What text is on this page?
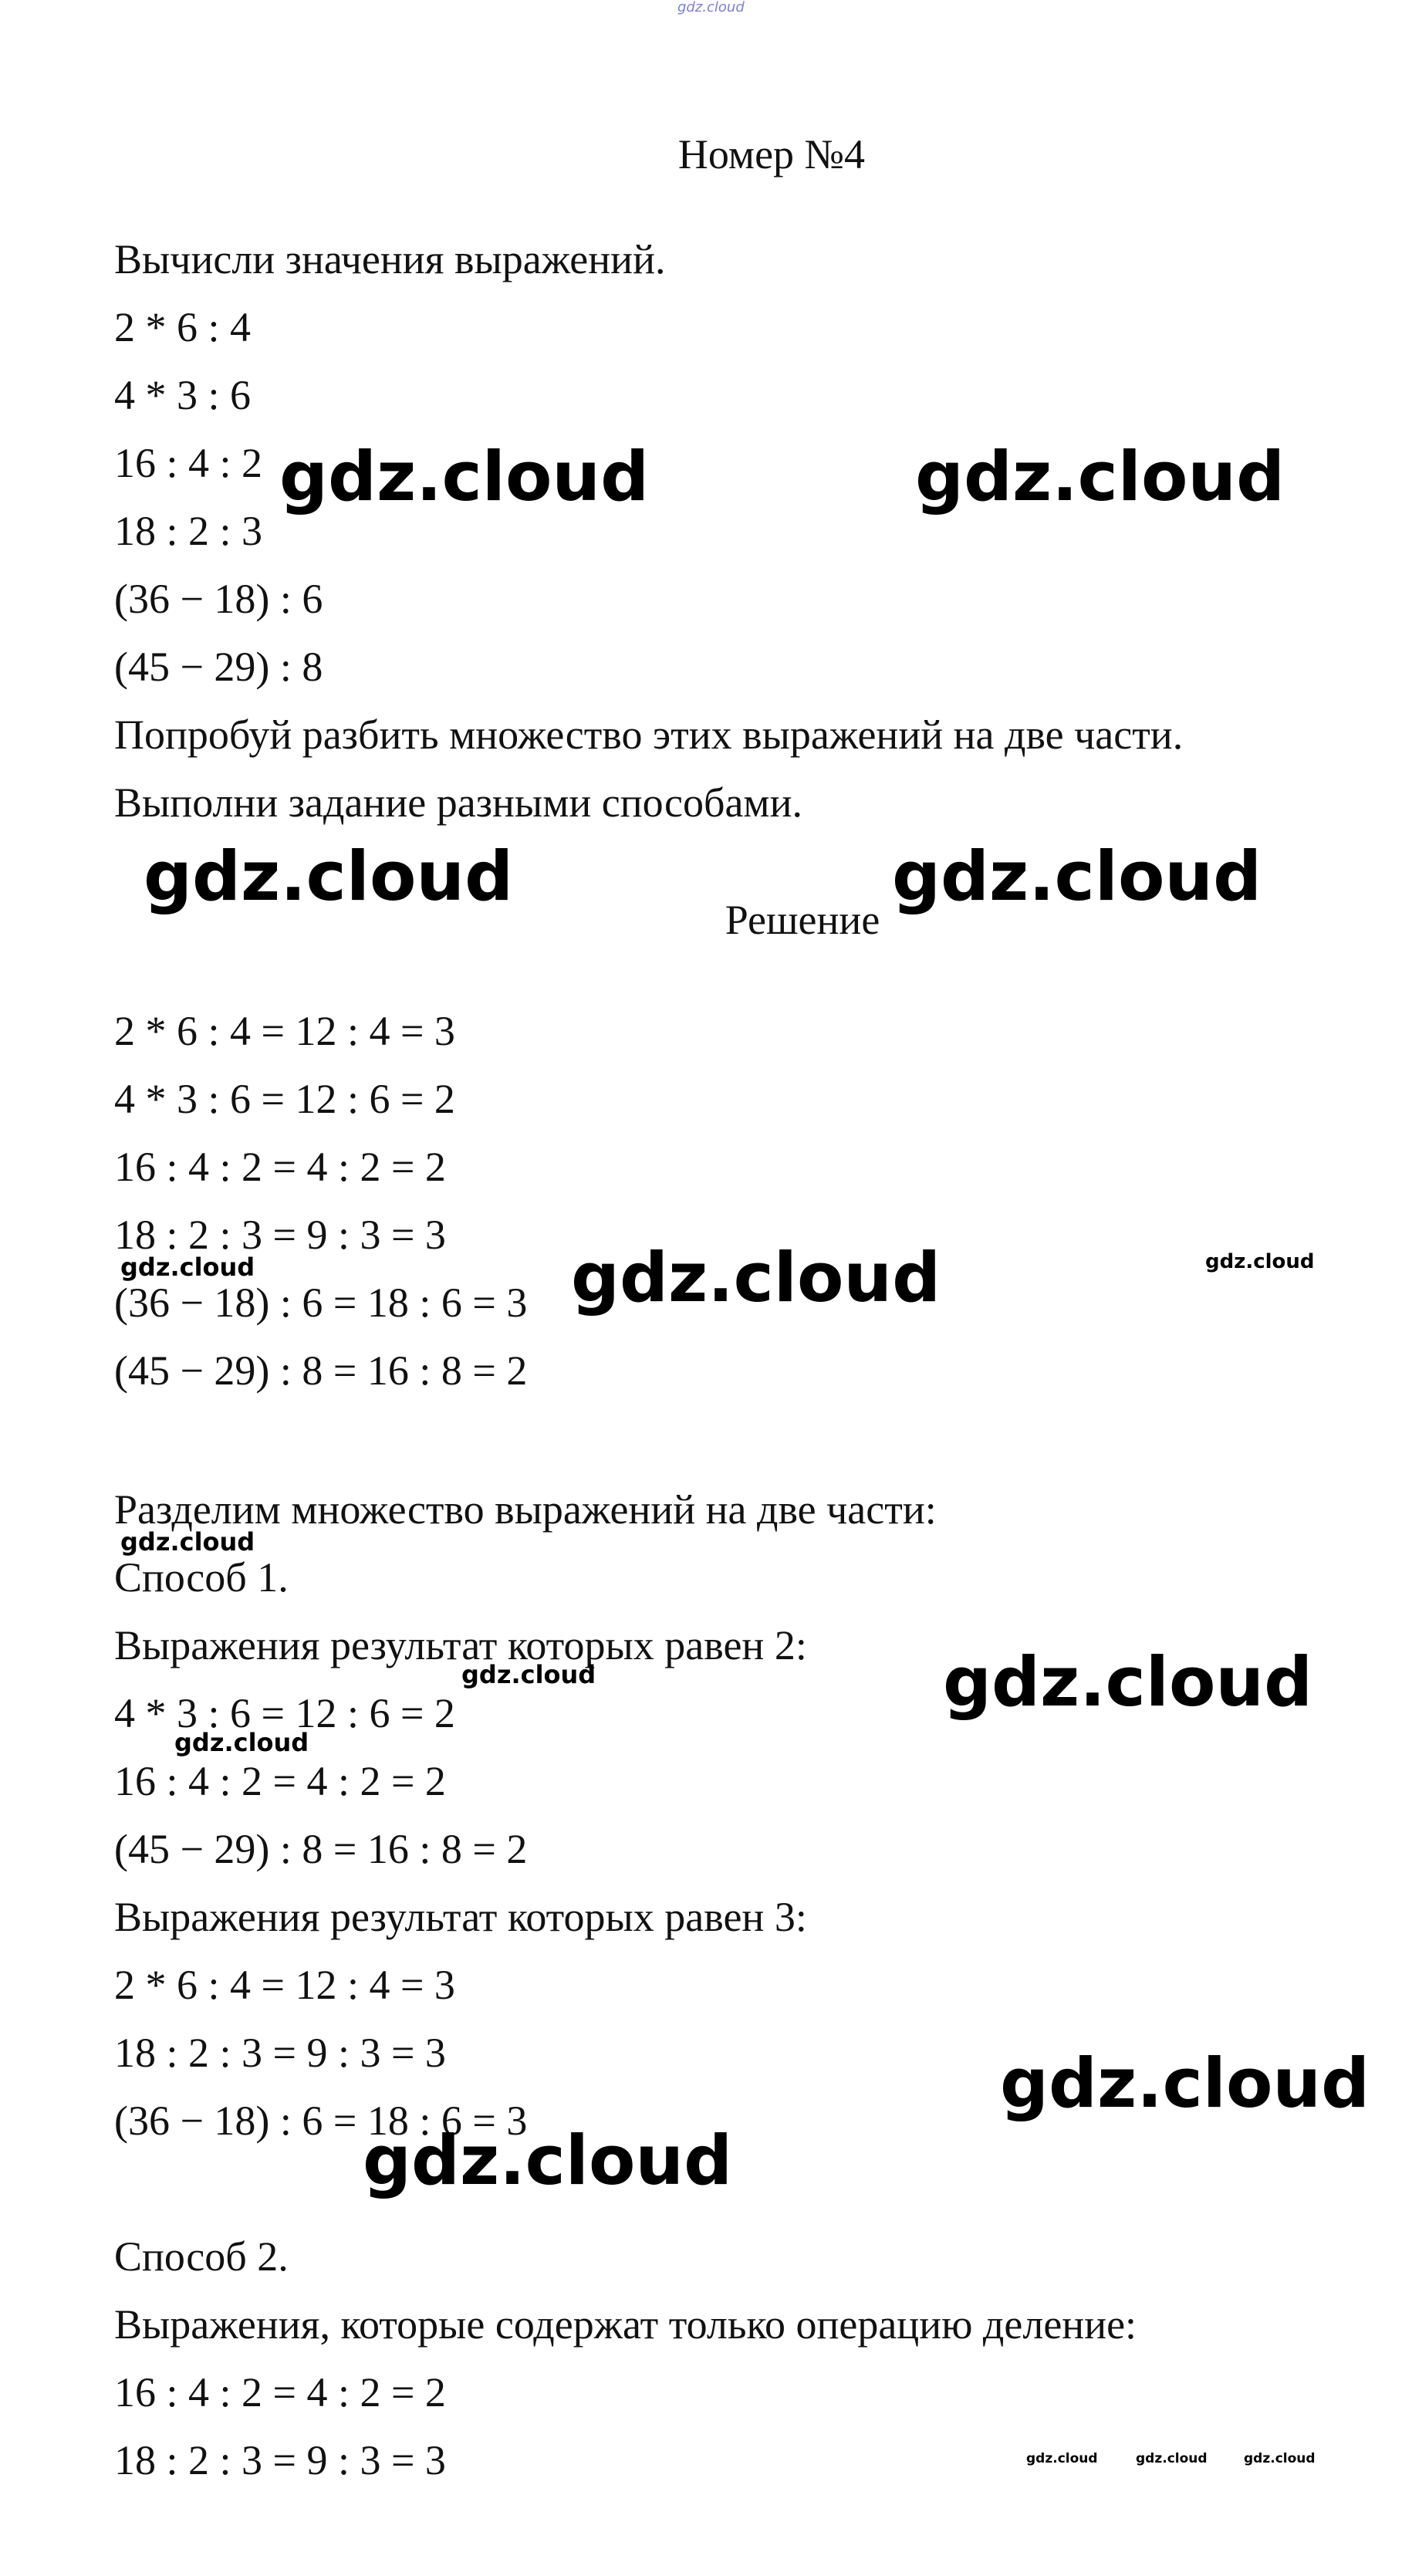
gdz.cloud

Номер №4

Вычисли значения выражений.

2 * 6 : 4

4 * 3 : 6

16 : 4 : 2

18 : 2 : 3

(36 − 18) : 6

(45 − 29) : 8

Попробуй разбить множество этих выражений на две части.

Выполни задание разными способами.

Решение

2 * 6 : 4 = 12 : 4 = 3

4 * 3 : 6 = 12 : 6 = 2

16 : 4 : 2 = 4 : 2 = 2

18 : 2 : 3 = 9 : 3 = 3

(36 − 18) : 6 = 18 : 6 = 3

(45 − 29) : 8 = 16 : 8 = 2

Разделим множество выражений на две части:

Способ 1.

Выражения результат которых равен 2:

4 * 3 : 6 = 12 : 6 = 2

16 : 4 : 2 = 4 : 2 = 2

(45 − 29) : 8 = 16 : 8 = 2

Выражения результат которых равен 3:

2 * 6 : 4 = 12 : 4 = 3

18 : 2 : 3 = 9 : 3 = 3

(36 − 18) : 6 = 18 : 6 = 3

Способ 2.

Выражения, которые содержат только операцию деление:

16 : 4 : 2 = 4 : 2 = 2

18 : 2 : 3 = 9 : 3 = 3

gdz.cloud	gdz.cloud

gdz.cloud	gdz.cloud

gdz.cloud

gdz.cloud

gdz.cloud

gdz.cloud

gdz.cloud

gdz.cloud

gdz.cloud

gdz.cloud

gdz.cloud

gdz.cloud	gdz.cloud	gdz.cloud
